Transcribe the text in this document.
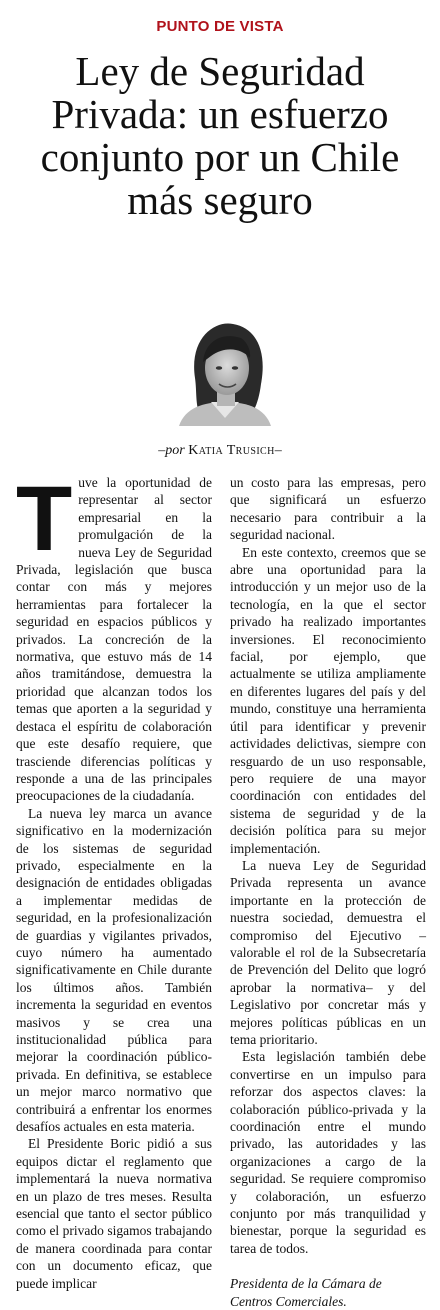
PUNTO DE VISTA
Ley de Seguridad Privada: un esfuerzo conjunto por un Chile más seguro
–por Katia Trusich–
T uve la oportunidad de representar al sector empresarial en la promulgación de la nueva Ley de Seguridad Privada, legislación que busca contar con más y mejores herramientas para fortalecer la seguridad en espacios públicos y privados. La concreción de la normativa, que estuvo más de 14 años tramitándose, demuestra la prioridad que alcanzan todos los temas que aporten a la seguridad y destaca el espíritu de colaboración que este desafío requiere, que trasciende diferencias políticas y responde a una de las principales preocupaciones de la ciudadanía.

La nueva ley marca un avance significativo en la modernización de los sistemas de seguridad privado, especialmente en la designación de entidades obligadas a implementar medidas de seguridad, en la profesionalización de guardias y vigilantes privados, cuyo número ha aumentado significativamente en Chile durante los últimos años. También incrementa la seguridad en eventos masivos y se crea una institucionalidad pública para mejorar la coordinación público-privada. En definitiva, se establece un mejor marco normativo que contribuirá a enfrentar los enormes desafíos actuales en esta materia.

El Presidente Boric pidió a sus equipos dictar el reglamento que implementará la nueva normativa en un plazo de tres meses. Resulta esencial que tanto el sector público como el privado sigamos trabajando de manera coordinada para contar con un documento eficaz, que puede implicar

un costo para las empresas, pero que significará un esfuerzo necesario para contribuir a la seguridad nacional.

En este contexto, creemos que se abre una oportunidad para la introducción y un mejor uso de la tecnología, en la que el sector privado ha realizado importantes inversiones. El reconocimiento facial, por ejemplo, que actualmente se utiliza ampliamente en diferentes lugares del país y del mundo, constituye una herramienta útil para identificar y prevenir actividades delictivas, siempre con resguardo de un uso responsable, pero requiere de una mayor coordinación con entidades del sistema de seguridad y de la decisión política para su mejor implementación.

La nueva Ley de Seguridad Privada representa un avance importante en la protección de nuestra sociedad, demuestra el compromiso del Ejecutivo –valorable el rol de la Subsecretaría de Prevención del Delito que logró aprobar la normativa– y del Legislativo por concretar más y mejores políticas públicas en un tema prioritario.

Esta legislación también debe convertirse en un impulso para reforzar dos aspectos claves: la colaboración público-privada y la coordinación entre el mundo privado, las autoridades y las organizaciones a cargo de la seguridad. Se requiere compromiso y colaboración, un esfuerzo conjunto por más tranquilidad y bienestar, porque la seguridad es tarea de todos.

Presidenta de la Cámara de Centros Comerciales.
